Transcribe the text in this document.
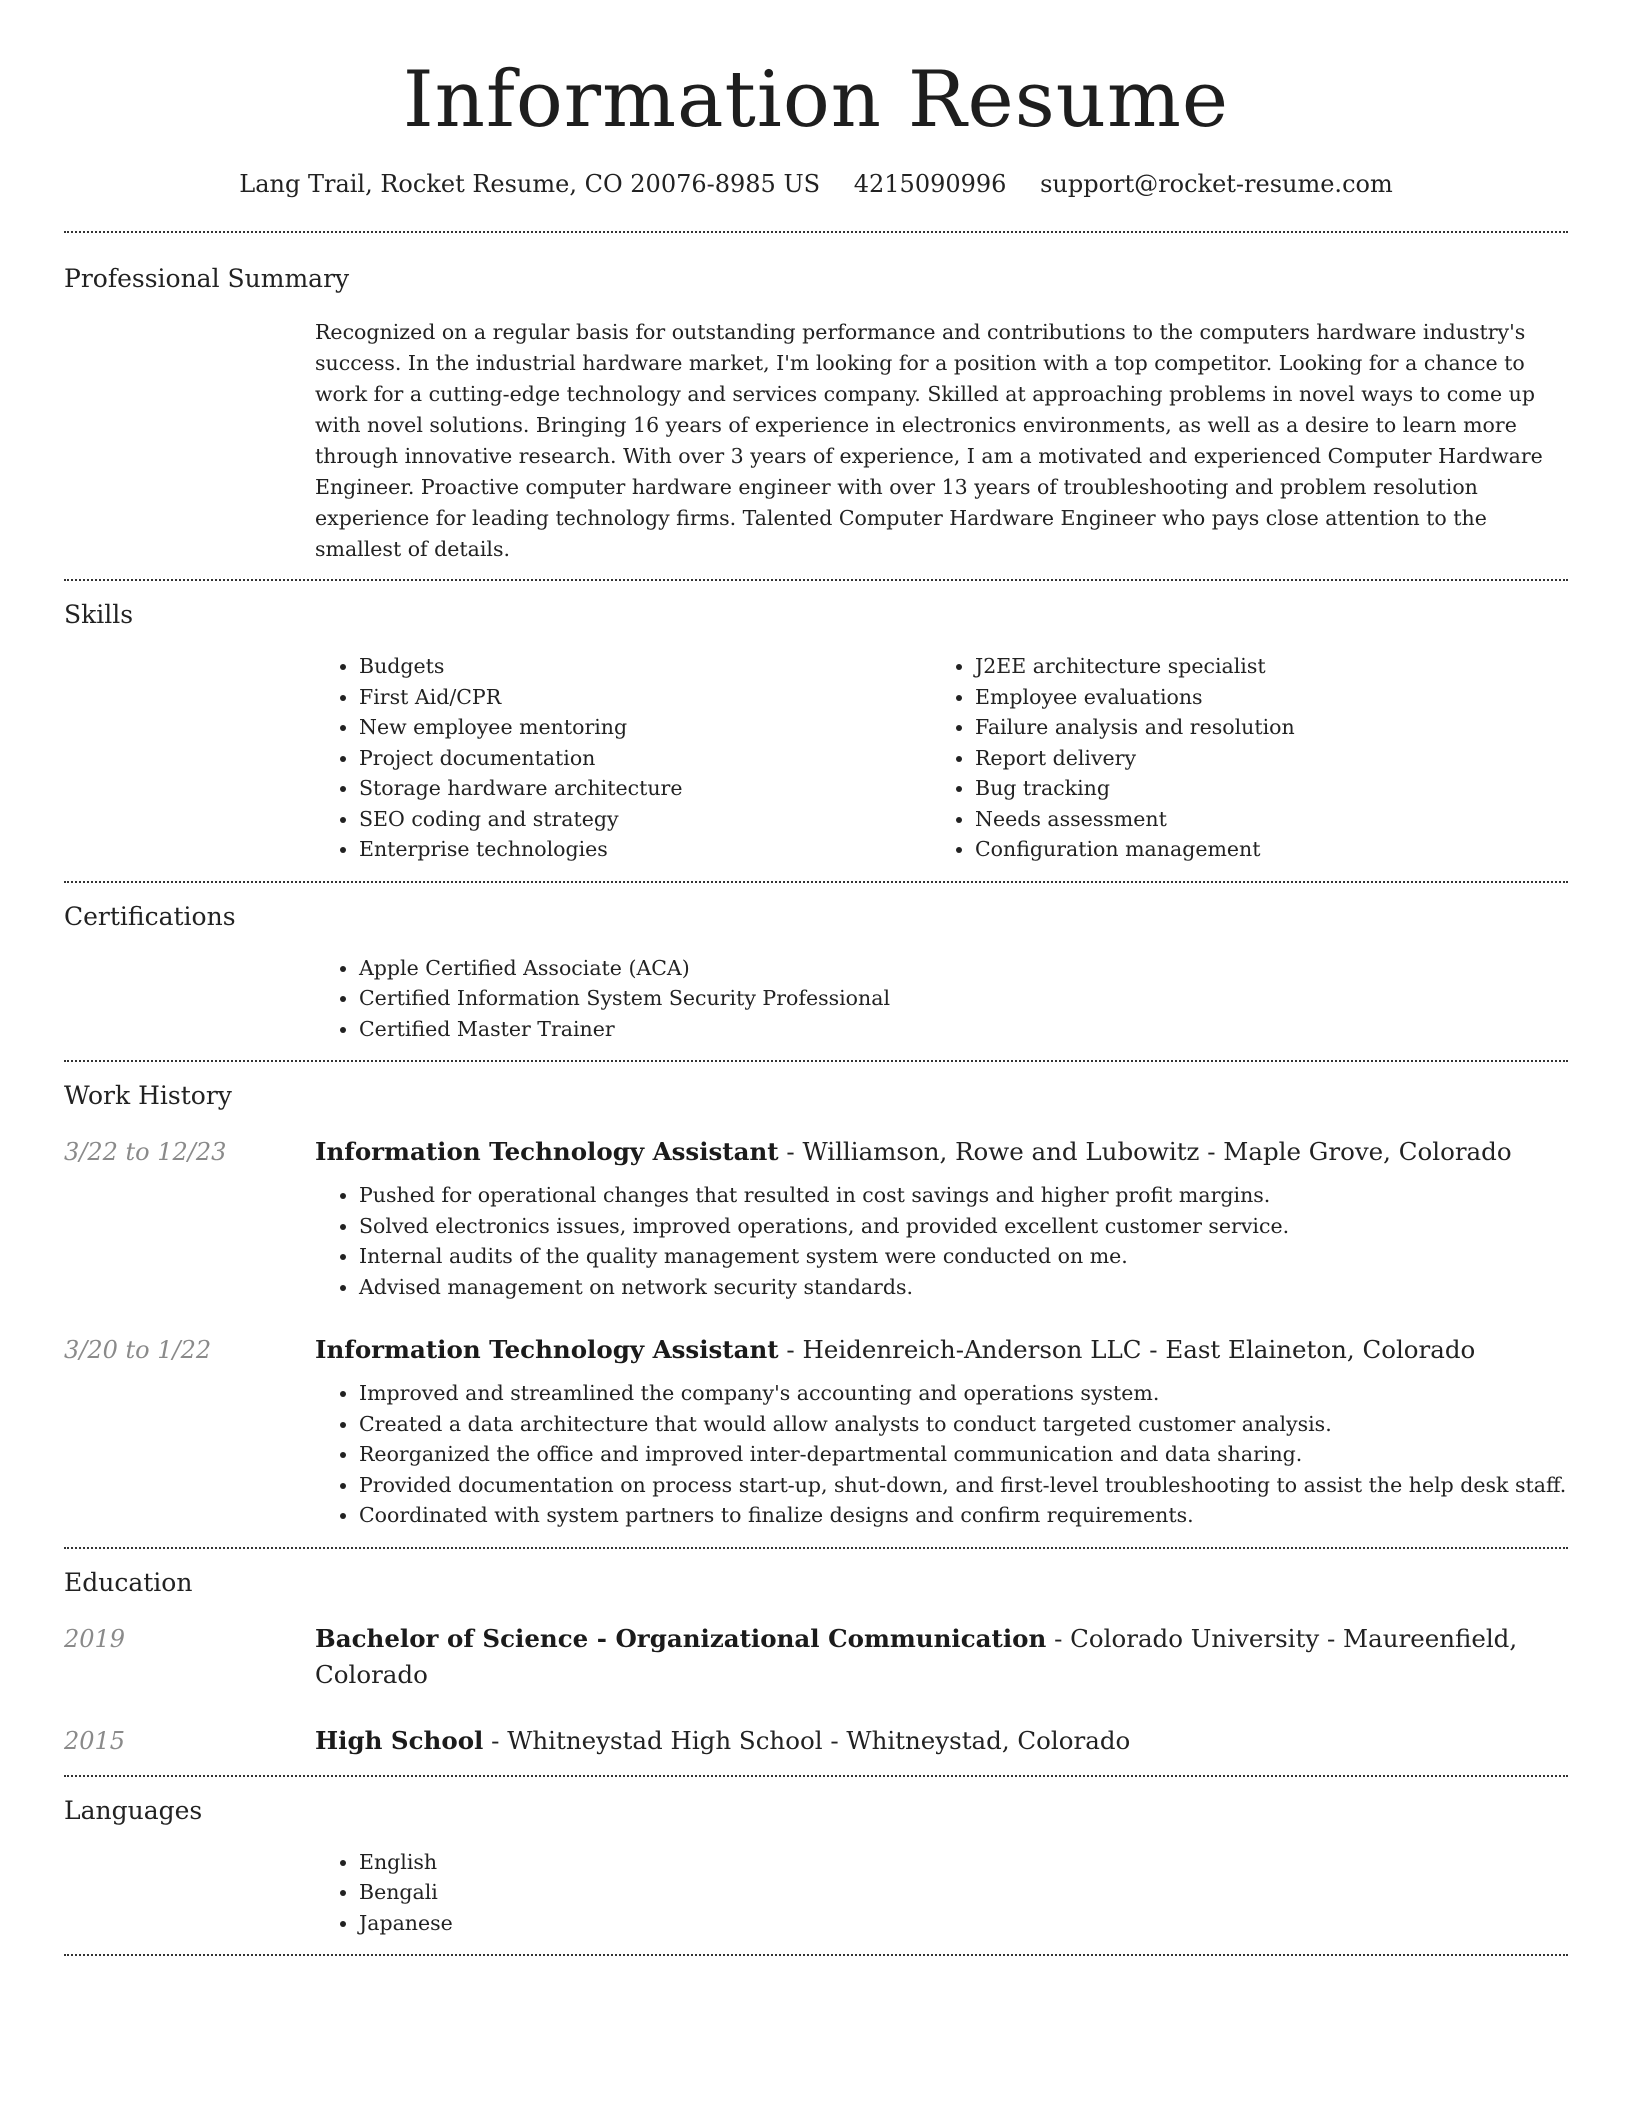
Information Resume
Lang Trail, Rocket Resume, CO 20076-8985 US 4215090996 support@rocket-resume.com
Professional Summary
Recognized on a regular basis for outstanding performance and contributions to the computers hardware industry's success. In the industrial hardware market, I'm looking for a position with a top competitor. Looking for a chance to work for a cutting-edge technology and services company. Skilled at approaching problems in novel ways to come up with novel solutions. Bringing 16 years of experience in electronics environments, as well as a desire to learn more through innovative research. With over 3 years of experience, I am a motivated and experienced Computer Hardware Engineer. Proactive computer hardware engineer with over 13 years of troubleshooting and problem resolution experience for leading technology firms. Talented Computer Hardware Engineer who pays close attention to the smallest of details.
Skills
• Budgets
• First Aid/CPR
• New employee mentoring
• Project documentation
• Storage hardware architecture
• SEO coding and strategy
• Enterprise technologies
• J2EE architecture specialist
• Employee evaluations
• Failure analysis and resolution
• Report delivery
• Bug tracking
• Needs assessment
• Configuration management
Certifications
• Apple Certified Associate (ACA)
• Certified Information System Security Professional
• Certified Master Trainer
Work History
3/22 to 12/23	Information Technology Assistant - Williamson, Rowe and Lubowitz - Maple Grove, Colorado
• Pushed for operational changes that resulted in cost savings and higher profit margins.
• Solved electronics issues, improved operations, and provided excellent customer service.
• Internal audits of the quality management system were conducted on me.
• Advised management on network security standards.
3/20 to 1/22	Information Technology Assistant - Heidenreich-Anderson LLC - East Elaineton, Colorado
• Improved and streamlined the company's accounting and operations system.
• Created a data architecture that would allow analysts to conduct targeted customer analysis.
• Reorganized the office and improved inter-departmental communication and data sharing.
• Provided documentation on process start-up, shut-down, and first-level troubleshooting to assist the help desk staff.
• Coordinated with system partners to finalize designs and confirm requirements.
Education
2019	Bachelor of Science - Organizational Communication - Colorado University - Maureenfield, Colorado
2015	High School - Whitneystad High School - Whitneystad, Colorado
Languages
• English
• Bengali
• Japanese
